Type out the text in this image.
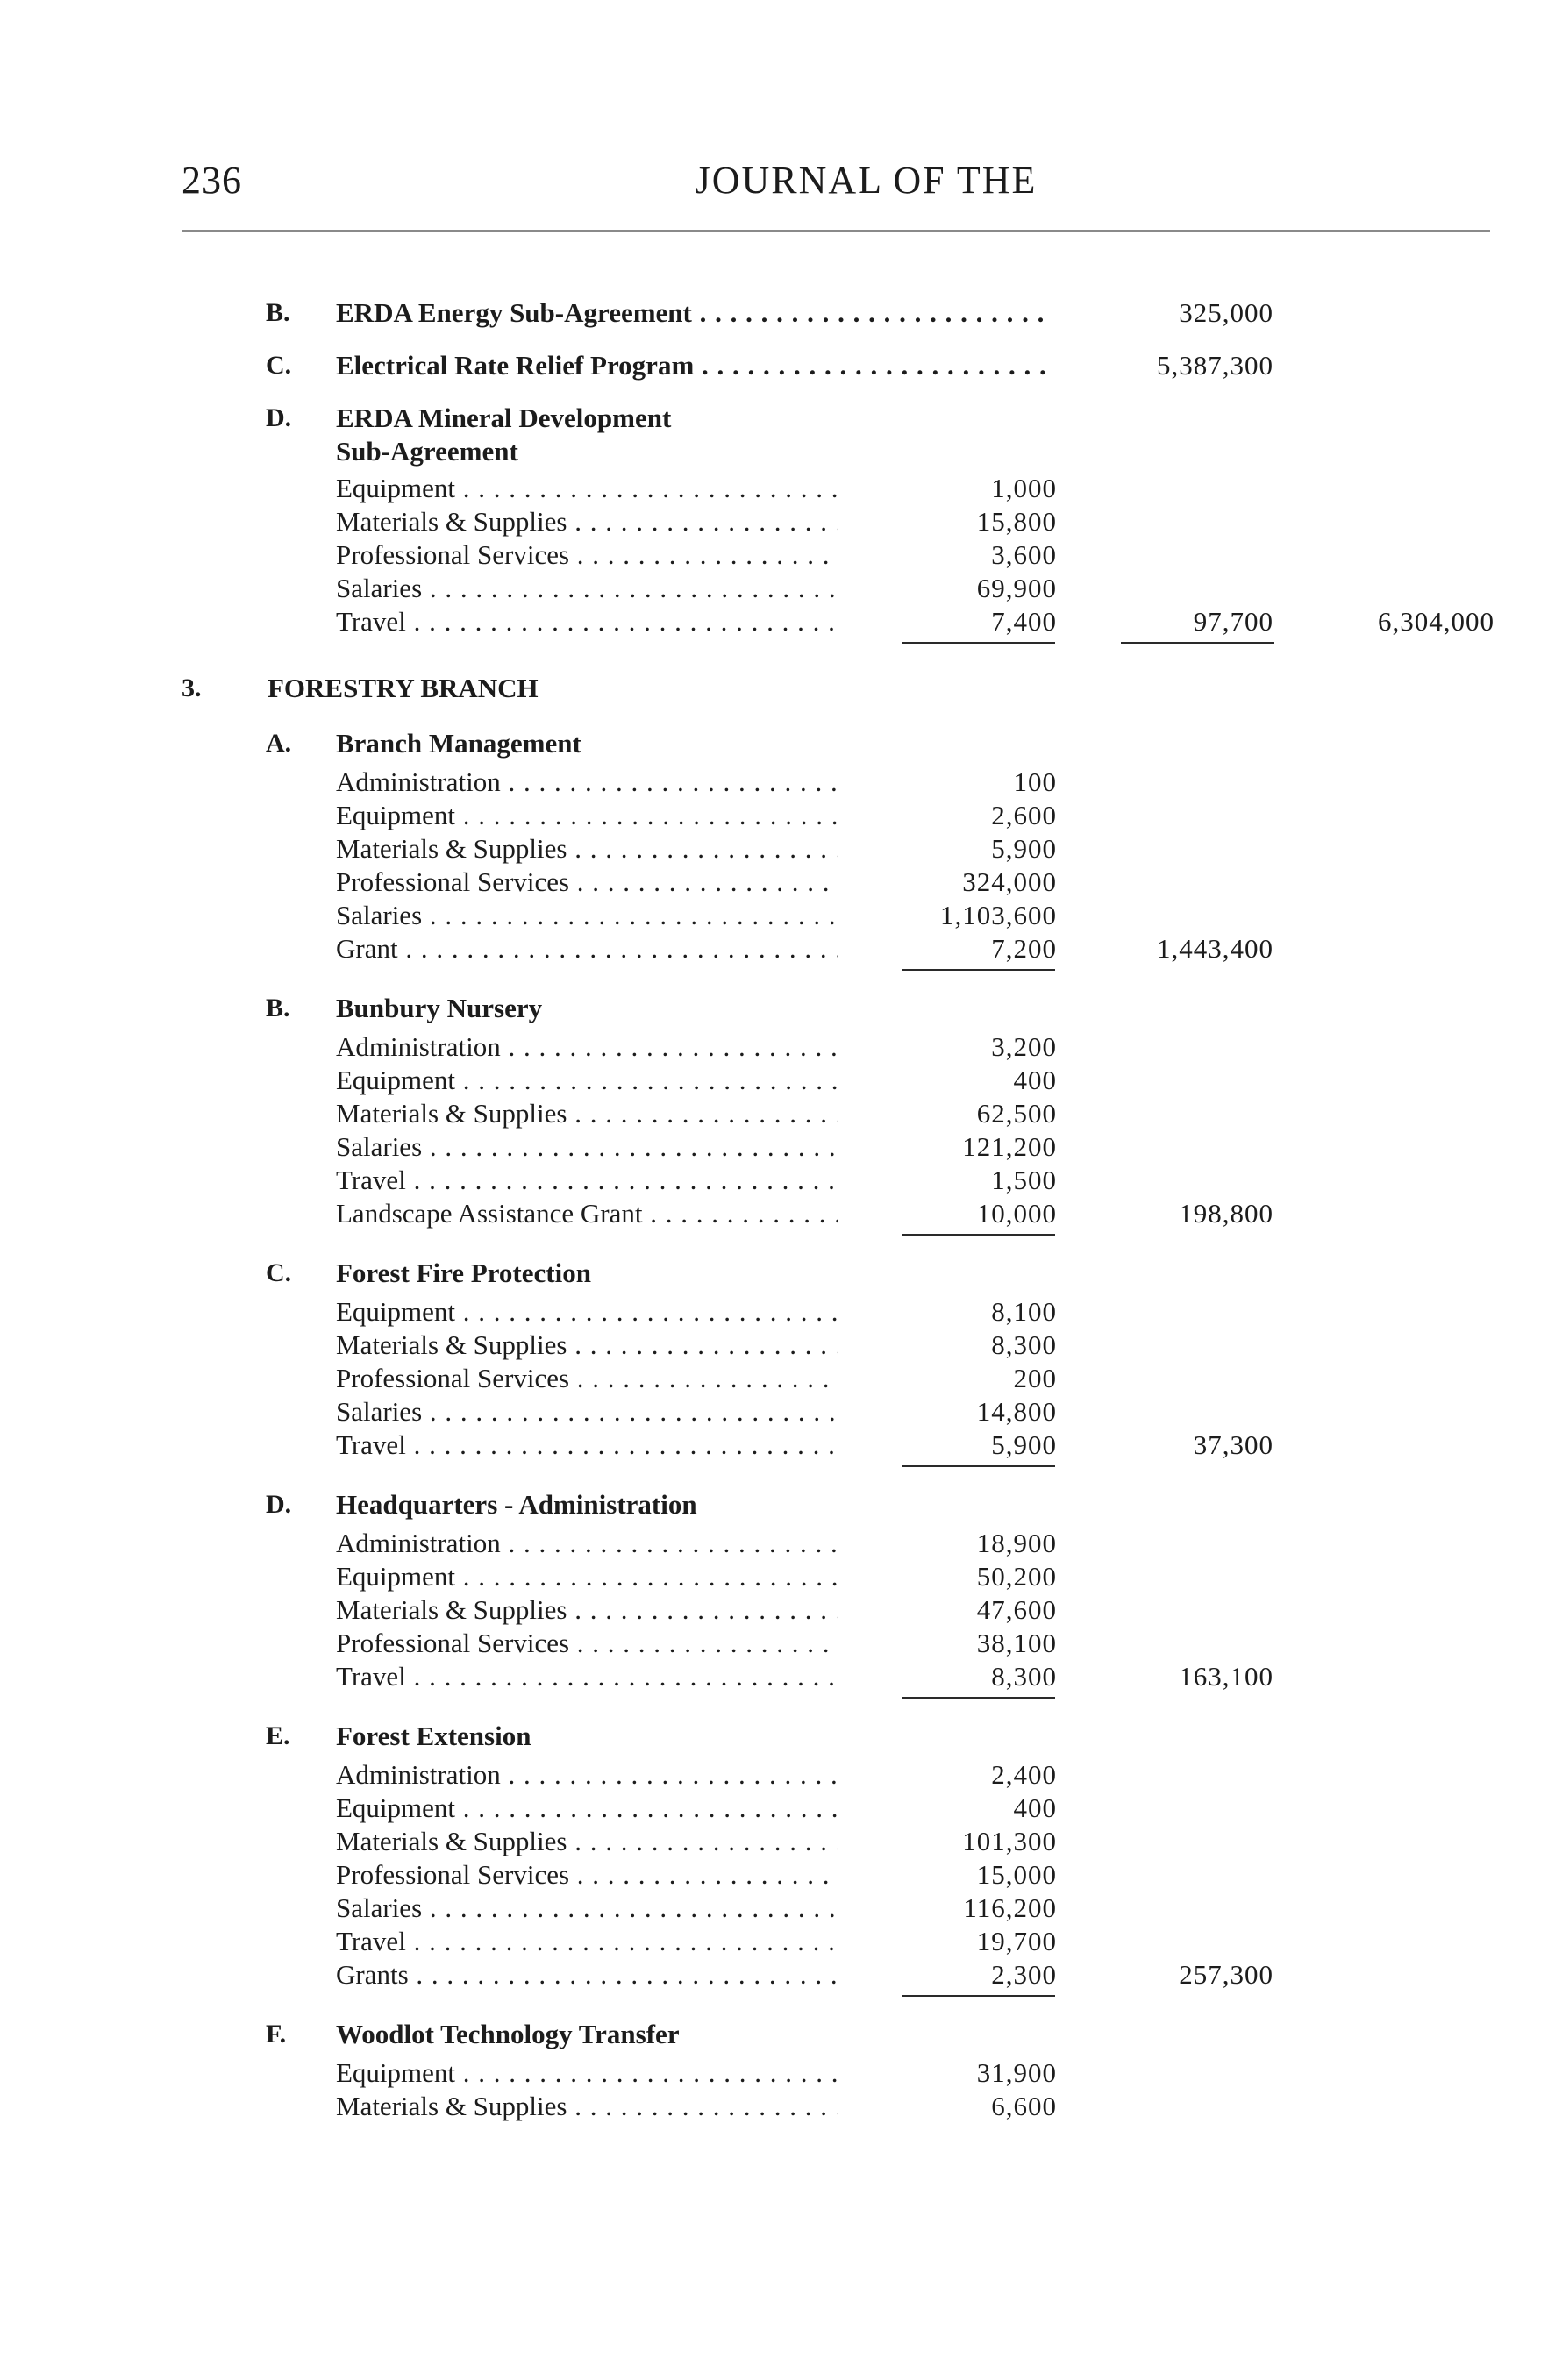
236	JOURNAL OF THE
B. ERDA Energy Sub-Agreement . . .	325,000
C. Electrical Rate Relief Program . . .	5,387,300
D. ERDA Mineral Development
Sub-Agreement
Equipment . . .	1,000
Materials & Supplies . . .	15,800
Professional Services . . .	3,600
Salaries . . .	69,900
Travel . . .	7,400	97,700	6,304,000
3. FORESTRY BRANCH
A. Branch Management
Administration . . .	100
Equipment . . .	2,600
Materials & Supplies . . .	5,900
Professional Services . . .	324,000
Salaries . . .	1,103,600
Grant . . .	7,200	1,443,400
B. Bunbury Nursery
Administration . . .	3,200
Equipment . . .	400
Materials & Supplies . . .	62,500
Salaries . . .	121,200
Travel . . .	1,500
Landscape Assistance Grant . . .	10,000	198,800
C. Forest Fire Protection
Equipment . . .	8,100
Materials & Supplies . . .	8,300
Professional Services . . .	200
Salaries . . .	14,800
Travel . . .	5,900	37,300
D. Headquarters - Administration
Administration . . .	18,900
Equipment . . .	50,200
Materials & Supplies . . .	47,600
Professional Services . . .	38,100
Travel . . .	8,300	163,100
E. Forest Extension
Administration . . .	2,400
Equipment . . .	400
Materials & Supplies . . .	101,300
Professional Services . . .	15,000
Salaries . . .	116,200
Travel . . .	19,700
Grants . . .	2,300	257,300
F. Woodlot Technology Transfer
Equipment . . .	31,900
Materials & Supplies . . .	6,600
